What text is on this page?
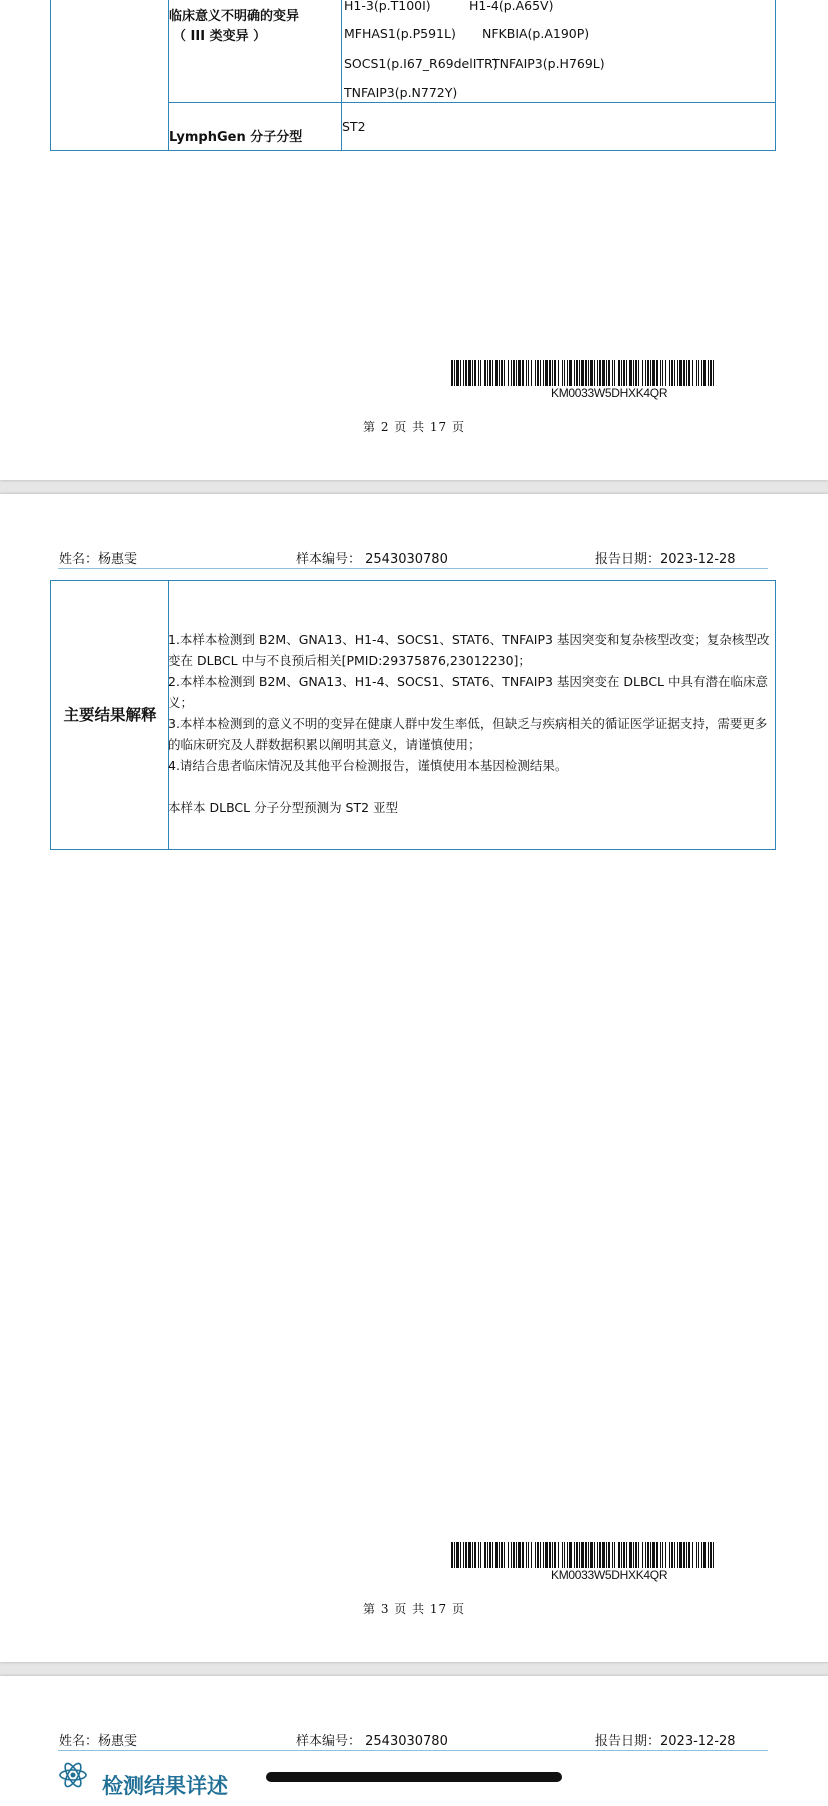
临床意义不明确的变异
（ III 类变异 ）
H1-3(p.T100I)	H1-4(p.A65V)
MFHAS1(p.P591L) NFKBIA(p.A190P)
SOCS1(p.I67_R69delITR)
TNFAIP3(p.H769L)
TNFAIP3(p.N772Y)
LymphGen 分子分型
ST2
KM0033W5DHXK4QR
第 2 页 共 17 页
姓名：杨惠雯	样本编号： 2543030780	报告日期：2023-12-28
主要结果解释

1.本样本检测到 B2M、GNA13、H1-4、SOCS1、STAT6、TNFAIP3 基因突变和复杂核型改变；复杂核型改变在 DLBCL 中与不良预后相关[PMID:29375876,23012230]；

2.本样本检测到 B2M、GNA13、H1-4、SOCS1、STAT6、TNFAIP3 基因突变在 DLBCL 中具有潜在临床意义；

3.本样本检测到的意义不明的变异在健康人群中发生率低，但缺乏与疾病相关的循证医学证据支持，需要更多的临床研究及人群数据积累以阐明其意义，请谨慎使用；

4.请结合患者临床情况及其他平台检测报告，谨慎使用本基因检测结果。

本样本 DLBCL 分子分型预测为 ST2 亚型

KM0033W5DHXK4QR
第 3 页 共 17 页
姓名：杨惠雯	样本编号： 2543030780	报告日期：2023-12-28
检测结果详述
